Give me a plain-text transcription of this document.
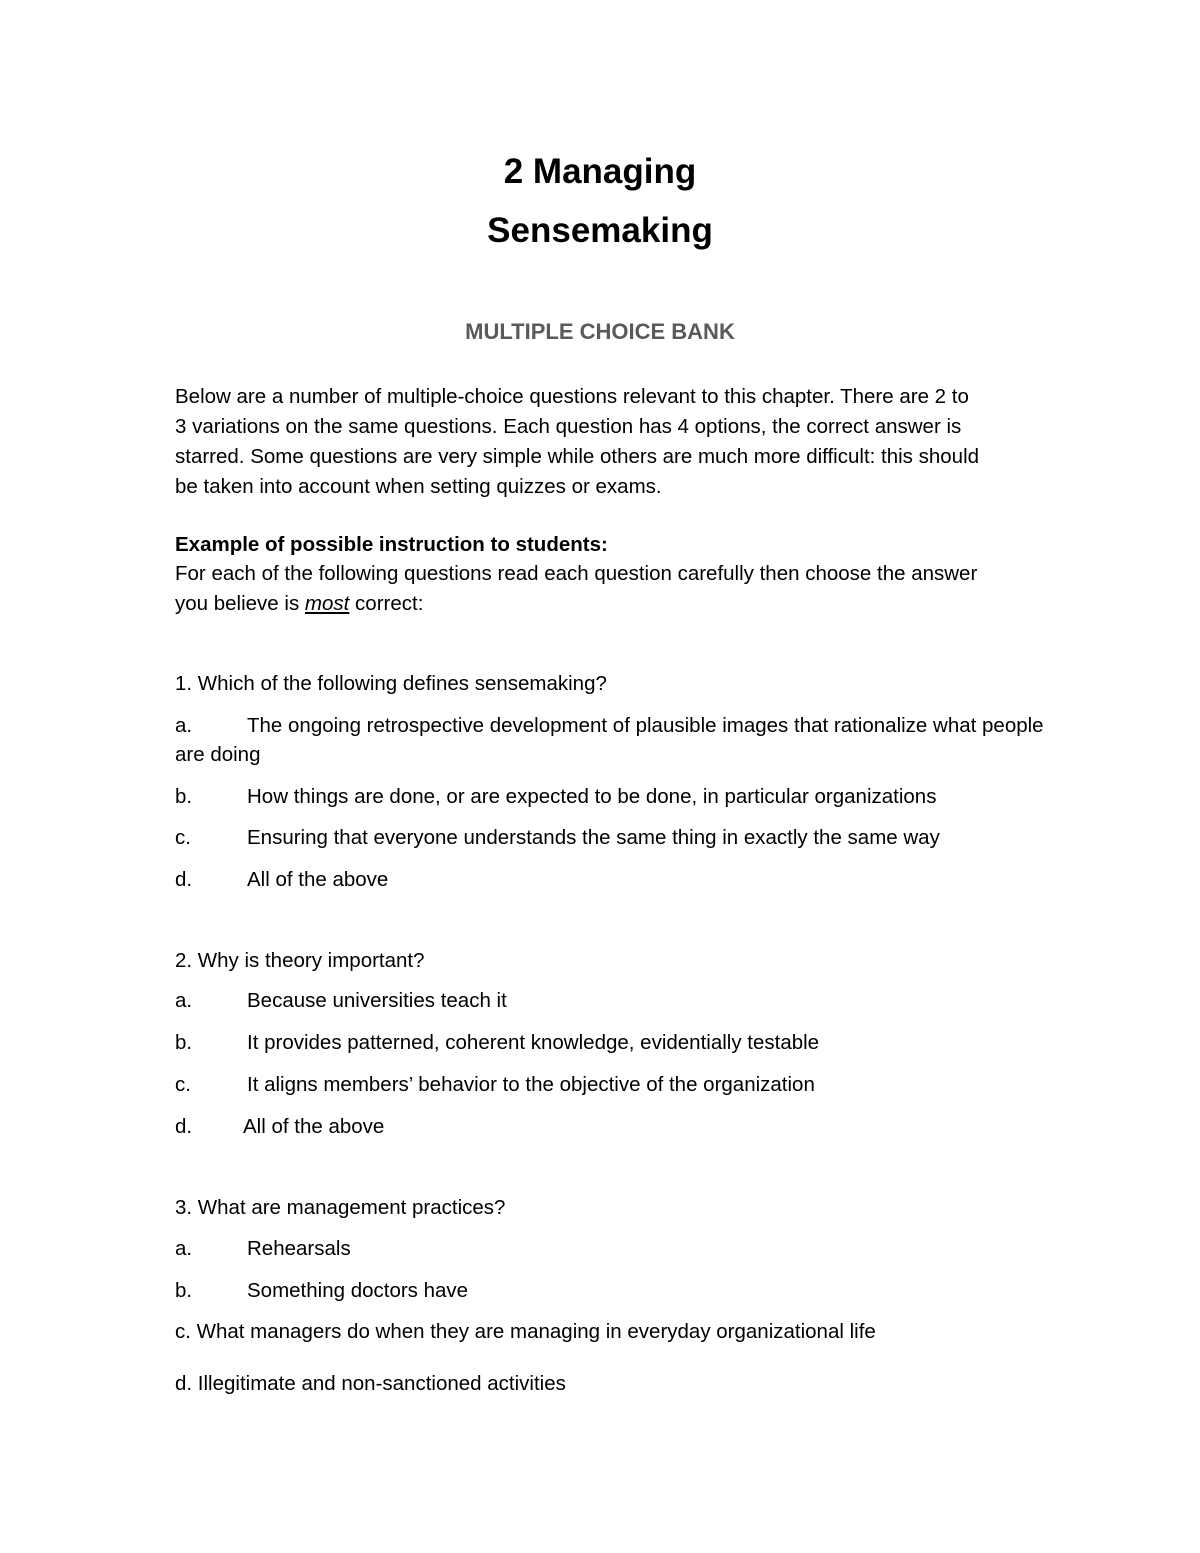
2 Managing
Sensemaking
MULTIPLE CHOICE BANK
Below are a number of multiple-choice questions relevant to this chapter. There are 2 to
3 variations on the same questions. Each question has 4 options, the correct answer is
starred. Some questions are very simple while others are much more difficult: this should
be taken into account when setting quizzes or exams.
Example of possible instruction to students:
For each of the following questions read each question carefully then choose the answer
you believe is most correct:
1. Which of the following defines sensemaking?
a.	The ongoing retrospective development of plausible images that rationalize what people
are doing
b.	How things are done, or are expected to be done, in particular organizations
c.	Ensuring that everyone understands the same thing in exactly the same way
d.	All of the above
2. Why is theory important?
a.	Because universities teach it
b.	It provides patterned, coherent knowledge, evidentially testable
c.	It aligns members’ behavior to the objective of the organization
d. All of the above
3. What are management practices?
a.	Rehearsals
b.	Something doctors have
c. What managers do when they are managing in everyday organizational life
d. Illegitimate and non-sanctioned activities
